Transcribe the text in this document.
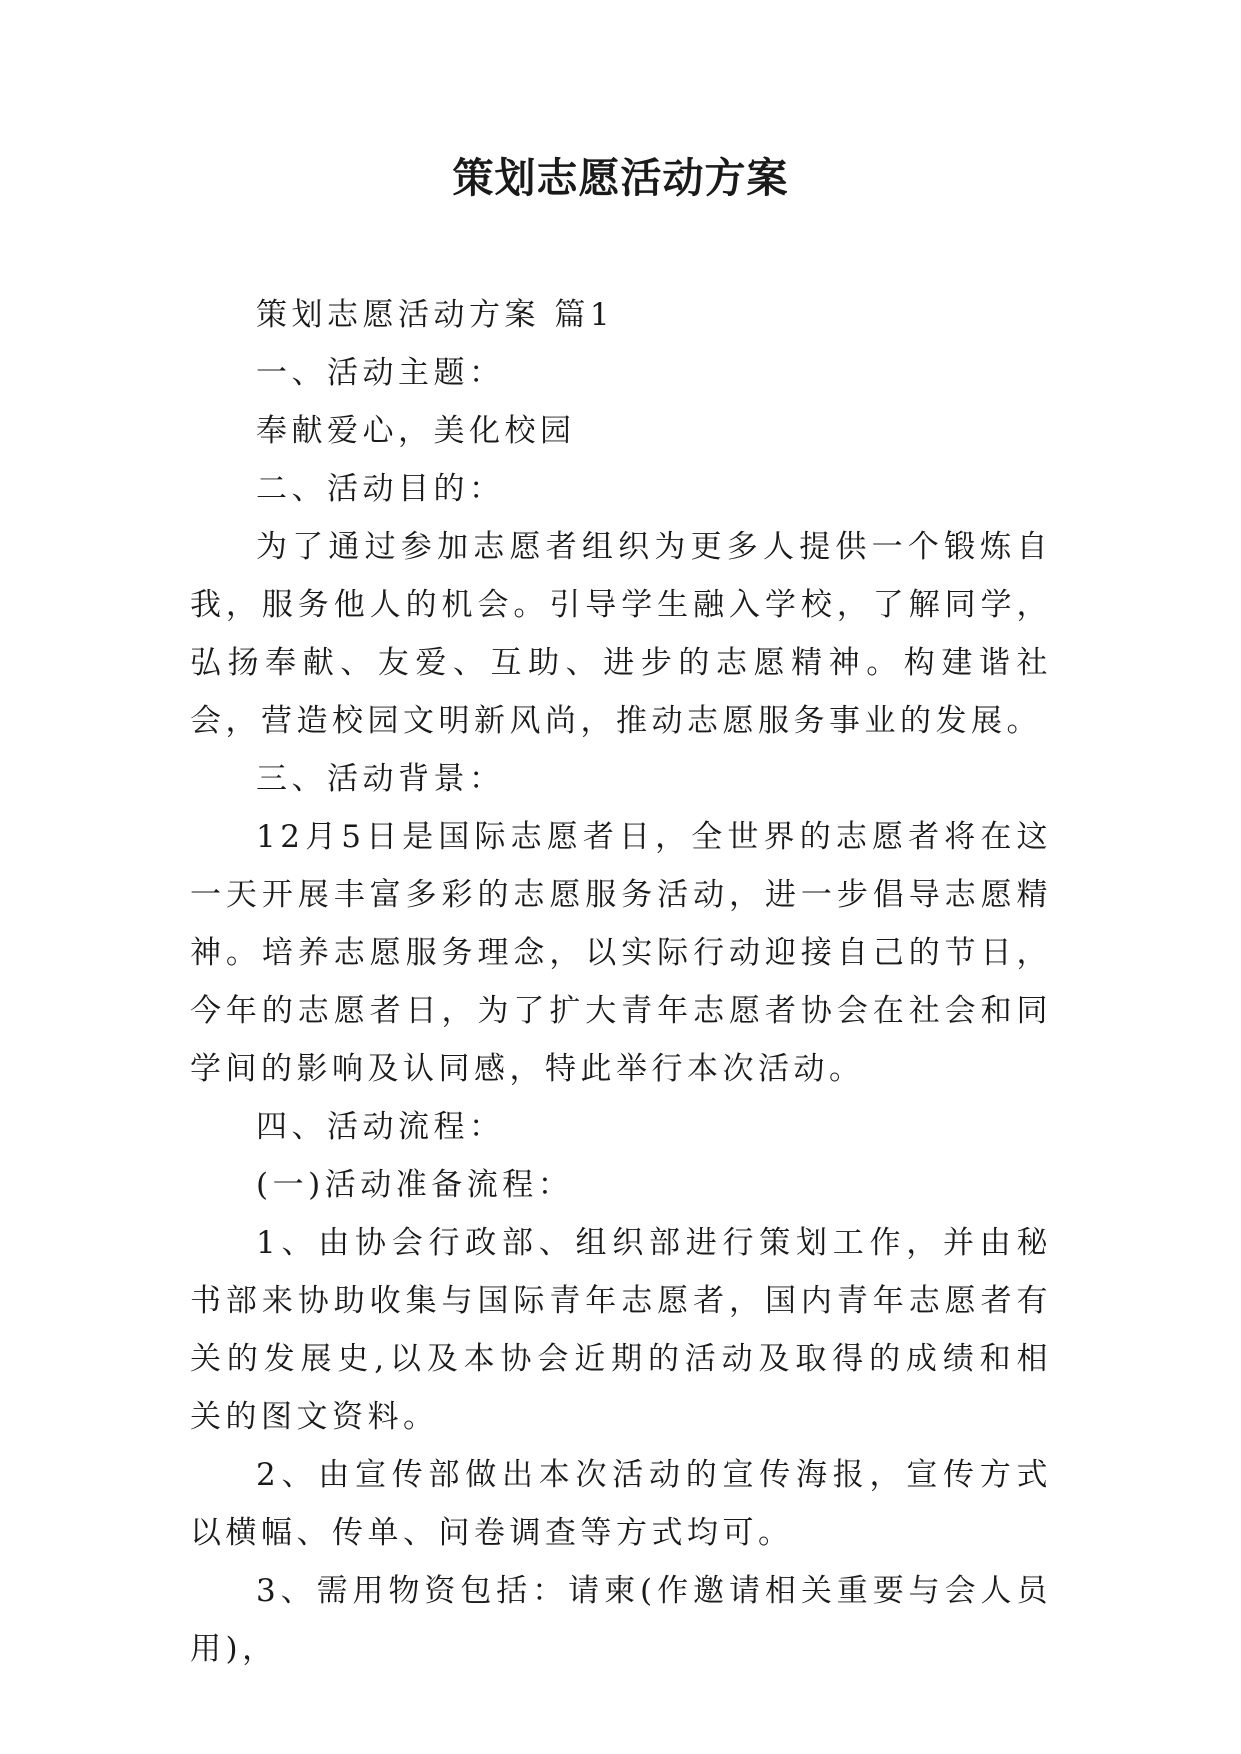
策划志愿活动方案

策划志愿活动方案 篇1

一、活动主题：

奉献爱心，美化校园

二、活动目的：

为了通过参加志愿者组织为更多人提供一个锻炼自我，服务他人的机会。引导学生融入学校，了解同学，弘扬奉献、友爱、互助、进步的志愿精神。构建谐社会，营造校园文明新风尚，推动志愿服务事业的发展。

三、活动背景：

12月5日是国际志愿者日，全世界的志愿者将在这一天开展丰富多彩的志愿服务活动，进一步倡导志愿精神。培养志愿服务理念，以实际行动迎接自己的节日，今年的志愿者日，为了扩大青年志愿者协会在社会和同学间的影响及认同感，特此举行本次活动。

四、活动流程：

(一)活动准备流程：

1、由协会行政部、组织部进行策划工作，并由秘书部来协助收集与国际青年志愿者，国内青年志愿者有关的发展史,以及本协会近期的活动及取得的成绩和相关的图文资料。

2、由宣传部做出本次活动的宣传海报，宣传方式以横幅、传单、问卷调查等方式均可。

3、需用物资包括：请柬(作邀请相关重要与会人员用)，
